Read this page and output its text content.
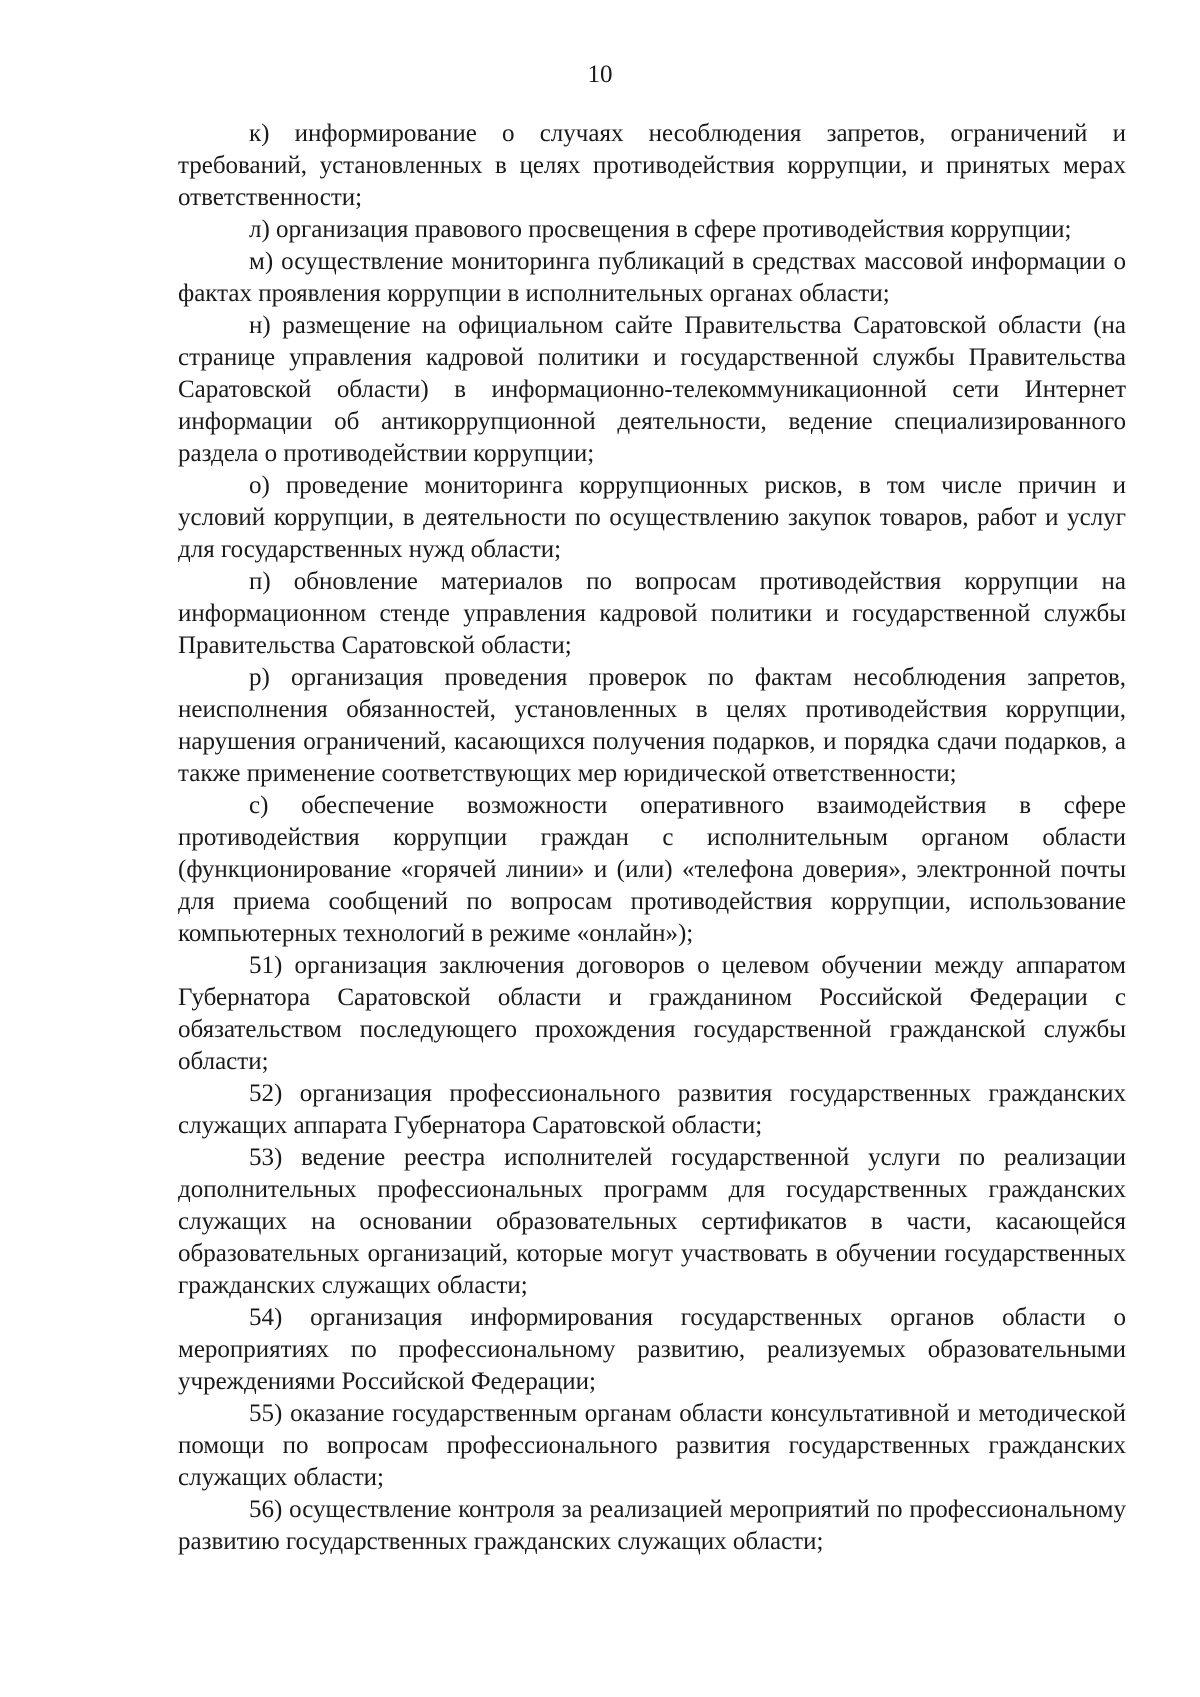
10

к) информирование о случаях несоблюдения запретов, ограничений и требований, установленных в целях противодействия коррупции, и принятых мерах ответственности;

л) организация правового просвещения в сфере противодействия коррупции;

м) осуществление мониторинга публикаций в средствах массовой информации о фактах проявления коррупции в исполнительных органах области;

н) размещение на официальном сайте Правительства Саратовской области (на странице управления кадровой политики и государственной службы Правительства Саратовской области) в информационно-телекоммуникационной сети Интернет информации об антикоррупционной деятельности, ведение специализированного раздела о противодействии коррупции;

о) проведение мониторинга коррупционных рисков, в том числе причин и условий коррупции, в деятельности по осуществлению закупок товаров, работ и услуг для государственных нужд области;

п) обновление материалов по вопросам противодействия коррупции на информационном стенде управления кадровой политики и государственной службы Правительства Саратовской области;

р) организация проведения проверок по фактам несоблюдения запретов, неисполнения обязанностей, установленных в целях противодействия коррупции, нарушения ограничений, касающихся получения подарков, и порядка сдачи подарков, а также применение соответствующих мер юридической ответственности;

с) обеспечение возможности оперативного взаимодействия в сфере противодействия коррупции граждан с исполнительным органом области (функционирование «горячей линии» и (или) «телефона доверия», электронной почты для приема сообщений по вопросам противодействия коррупции, использование компьютерных технологий в режиме «онлайн»);

51) организация заключения договоров о целевом обучении между аппаратом Губернатора Саратовской области и гражданином Российской Федерации с обязательством последующего прохождения государственной гражданской службы области;

52) организация профессионального развития государственных гражданских служащих аппарата Губернатора Саратовской области;

53) ведение реестра исполнителей государственной услуги по реализации дополнительных профессиональных программ для государственных гражданских служащих на основании образовательных сертификатов в части, касающейся образовательных организаций, которые могут участвовать в обучении государственных гражданских служащих области;

54) организация информирования государственных органов области о мероприятиях по профессиональному развитию, реализуемых образовательными учреждениями Российской Федерации;

55) оказание государственным органам области консультативной и методической помощи по вопросам профессионального развития государственных гражданских служащих области;

56) осуществление контроля за реализацией мероприятий по профессиональному развитию государственных гражданских служащих области;
